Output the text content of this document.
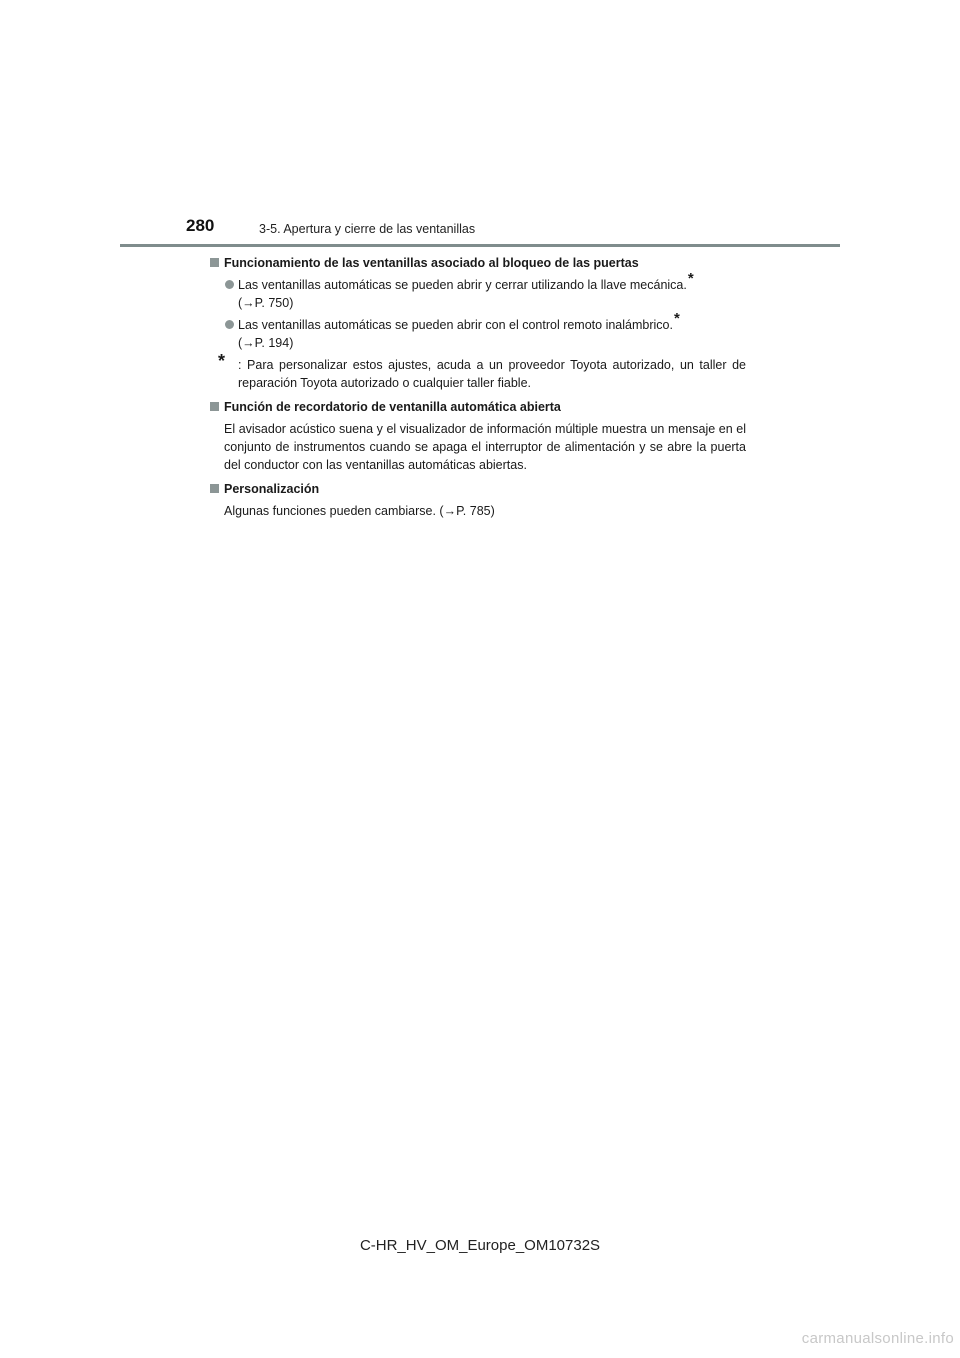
280	3-5. Apertura y cierre de las ventanillas
Funcionamiento de las ventanillas asociado al bloqueo de las puertas
Las ventanillas automáticas se pueden abrir y cerrar utilizando la llave mecánica.*
(→P. 750)
Las ventanillas automáticas se pueden abrir con el control remoto inalámbrico.*
(→P. 194)
* : Para personalizar estos ajustes, acuda a un proveedor Toyota autorizado, un taller de reparación Toyota autorizado o cualquier taller fiable.
Función de recordatorio de ventanilla automática abierta
El avisador acústico suena y el visualizador de información múltiple muestra un mensaje en el conjunto de instrumentos cuando se apaga el interruptor de alimentación y se abre la puerta del conductor con las ventanillas automáticas abiertas.
Personalización
Algunas funciones pueden cambiarse. (→P. 785)
C-HR_HV_OM_Europe_OM10732S
carmanualsonline.info
